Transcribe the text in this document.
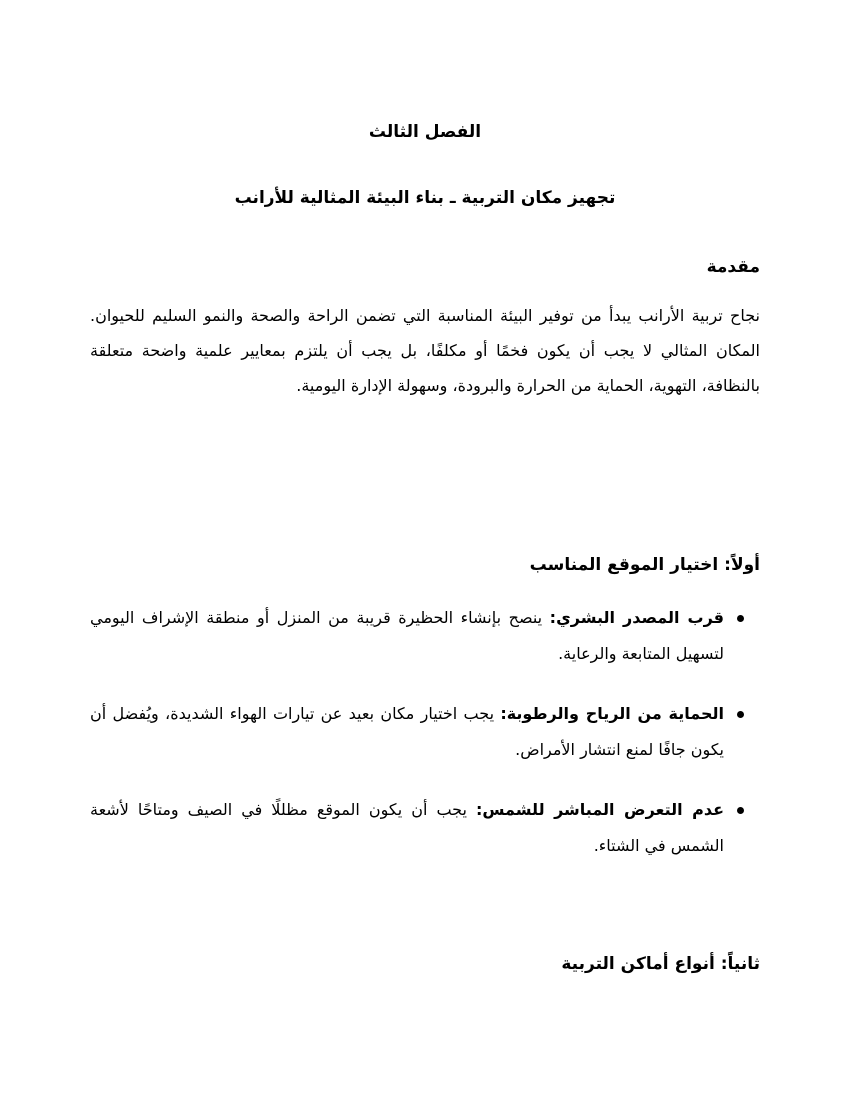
الفصل الثالث
تجهيز مكان التربية ـ بناء البيئة المثالية للأرانب
مقدمة

نجاح تربية الأرانب يبدأ من توفير البيئة المناسبة التي تضمن الراحة والصحة والنمو السليم للحيوان. المكان المثالي لا يجب أن يكون فخمًا أو مكلفًا، بل يجب أن يلتزم بمعايير علمية واضحة متعلقة بالنظافة، التهوية، الحماية من الحرارة والبرودة، وسهولة الإدارة اليومية.

أولاً: اختيار الموقع المناسب
قرب المصدر البشري: ينصح بإنشاء الحظيرة قريبة من المنزل أو منطقة الإشراف اليومي لتسهيل المتابعة والرعاية.
الحماية من الرياح والرطوبة: يجب اختيار مكان بعيد عن تيارات الهواء الشديدة، ويُفضل أن يكون جافًا لمنع انتشار الأمراض.
عدم التعرض المباشر للشمس: يجب أن يكون الموقع مظللًا في الصيف ومتاحًا لأشعة الشمس في الشتاء.
ثانياً: أنواع أماكن التربية
